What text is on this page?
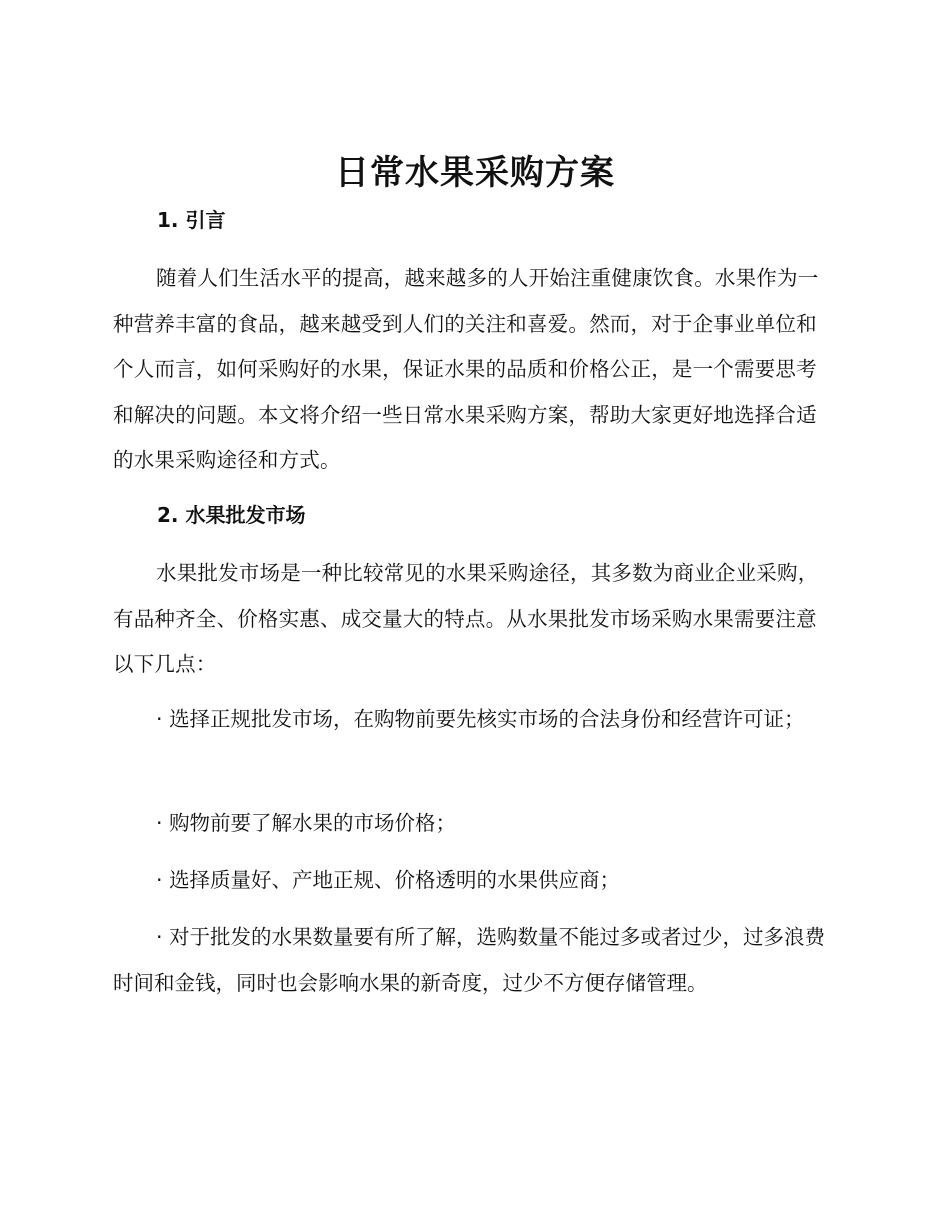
日常水果采购方案
1. 引言

随着人们生活水平的提高，越来越多的人开始注重健康饮食。水果作为一种营养丰富的食品，越来越受到人们的关注和喜爱。然而，对于企事业单位和个人而言，如何采购好的水果，保证水果的品质和价格公正，是一个需要思考和解决的问题。本文将介绍一些日常水果采购方案，帮助大家更好地选择合适的水果采购途径和方式。

2. 水果批发市场

水果批发市场是一种比较常见的水果采购途径，其多数为商业企业采购，有品种齐全、价格实惠、成交量大的特点。从水果批发市场采购水果需要注意以下几点：

· 选择正规批发市场，在购物前要先核实市场的合法身份和经营许可证；

· 购物前要了解水果的市场价格；

· 选择质量好、产地正规、价格透明的水果供应商；

· 对于批发的水果数量要有所了解，选购数量不能过多或者过少，过多浪费时间和金钱，同时也会影响水果的新奇度，过少不方便存储管理。
